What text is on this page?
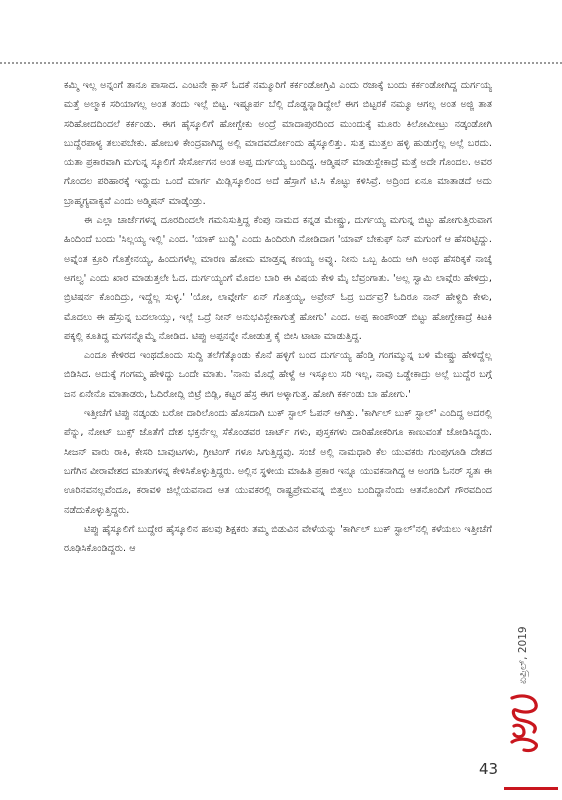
ಕಮ್ಮಿ ಇಲ್ಲ ಅನ್ನಂಗೆ ತಾನೂ ಪಾಸಾದ. ಎಂಟನೇ ಕ್ಲಾಸ್ ಓದಕೆ ನಮ್ಮೂರಿಗೆ ಕರ್ಕಂಡೋಗ್ತಿವಿ ಎಂದು ರಜಾಕ್ಕೆ ಬಂದು ಕರ್ಕಂಡೋಗಿದ್ದ ದುರ್ಗಯ್ಯ ಮತ್ತೆ ಅಲ್ಮಾಕ ಸರಿಯಾಗಲ್ಲ ಅಂತ ತಂದು ಇಲ್ಲೆ ಬಿಟ್ಟ. ಇಷ್ಟೂರ್ಪ ಬೆಲ್ಲಿ ದೊಡ್ಡನ್ನಾಡಿದ್ದೇಲೆ ಈಗ ಬಿಟ್ಟರಕೆ ನಮ್ಮೂ ಆಗಲ್ಲ ಅಂತ ಅಜ್ಜಿ ತಾತ ಸರಿಹೋದದಿಂದಲೆ ಕರ್ಕಂಡು. ಈಗ ಹೈಸ್ಕೂಲಿಗೆ ಹೋಗ್ಬೇಕು ಅಂದ್ರೆ ಮಾದಾಪುರದಿಂದ ಮುಂದುಕ್ಕೆ ಮೂರು ಕಿಲೋಮೀಟ್ರು ನಡ್ಕಂಡೋಗಿ ಬುದ್ದೆರಪಾಳ್ಯ ತಲುಪಬೇಕು. ಹೋಬಳಿ ಕೇಂದ್ರವಾಗಿದ್ದ ಅಲ್ಲಿ ಮಾದವರ್ದೋಂದು ಹೈಸ್ಕೂಲಿತ್ತು. ಸುತ್ತ ಮುತ್ತಲ ಹಳ್ಳಿ ಹುಡುಗ್ರೆಲ್ಲ ಅಲ್ಲೆ ಬರದು. ಯತಾ ಪ್ರಕಾರವಾಗಿ ಮಗುನ್ನ ಸ್ಕೂಲಿಗೆ ಸೇರ್ಸೋಗನ ಅಂತ ಅಪ್ಪ ದುರ್ಗಯ್ಯ ಬಂದಿದ್ದ. ಆಡ್ಮಿಷನ್ ಮಾಡುಸ್ಬೇಕಾದ್ರೆ ಮತ್ತೆ ಅದೇ ಗೊಂದಲ. ಅವರ ಗೊಂದಲ ಪರಿಹಾರಕ್ಕೆ ಇದ್ದುದು ಒಂದೆ ಮಾರ್ಗ ಮಿಡ್ಲಿಸ್ಕೂಲಿಂದ ಅದೆ ಹೆಸ್ರಾಗೆ ಟಿ.ಸಿ ಕೊಟ್ಟು ಕಳಿಸಿವ್ರೆ. ಅದ್ರಿಂದ ಏನೂ ಮಾತಾಡದೆ ಅದು ಬ್ರಾಹ್ಮಗ್ಯವಾಕ್ಯವೆ ಎಂದು ಅಡ್ಮಿಷನ್ ಮಾಡ್ಕೆಂಡ್ರು.

ಈ ಎಲ್ಲಾ ಚಾರ್ಜೆಗಳನ್ನ ದೂರದಿಂದಲೇ ಗಮನಿಸುತ್ತಿದ್ದ ಕೆಂಪು ನಾಮದ ಕನ್ನಡ ಮೇಷ್ಟ್ರು, ದುರ್ಗಯ್ಯ ಮಗುನ್ನ ಬಿಟ್ಟು ಹೋಗುತ್ತಿರುವಾಗ ಹಿಂದಿಂದೆ ಬಂದು 'ಸಿಲ್ಲಯ್ಯ ಇಲ್ಲಿ' ಎಂದ. 'ಯಾಕ್ ಬುದ್ದಿ' ಎಂದು ಹಿಂದಿರುಗಿ ನೋಡಿದಾಗ 'ಯಾವ್ ಬೇಕುಫ್ ನಿನ್ ಮಗುಂಗೆ ಆ ಹೆಸರಿಟ್ಟಿದ್ದು. ಅವ್ನೆಂತ ಕ್ರೂರಿ ಗೊತ್ತೇನಯ್ಯ, ಹಿಂದುಗಳೆಲ್ಲ ಮಾರಣ ಹೋಮ ಮಾಡ್ತವ್ನ ಕಣಯ್ಯ ಅವ್ನು. ನೀನು ಒಬ್ಬ ಹಿಂದು ಆಗಿ ಅಂಥ ಹೆಸರಿಕ್ಕಕೆ ನಾಚ್ಕೆ ಆಗಲ್ವ' ಎಂದು ಖಾರ ಮಾಡುತ್ತಲೇ ಓದ. ದುರ್ಗಯ್ಯಂಗೆ ಮೊದಲ ಬಾರಿ ಈ ವಿಷಯ ಕೇಳಿ ಮೈ ಬೆವ್ರಂಗಾತು. 'ಅಲ್ಲ ಸ್ವಾಮಿ ಲಾವ್ಗೆರು ಹೇಳಿದ್ರು, ಬ್ರಿಟಿಷರ್ನ ಕೊಂದಿದ್ರು, ಇದ್ದೆಲ್ಲ ಸುಳ್ಳ.' 'ಯೋ, ಲಾವ್ಗೇರ್ಗೆ ಏನ್ ಗೊತ್ತಯ್ಯ, ಅವ್ರೇನ್ ಓದ್ರ ಬರ್ದವ್ರ? ಓದಿರೂ ನಾನ್ ಹೇಳ್ದಿದಿ ಕೇಳು, ಮೊದಲು ಈ ಹೆಸ್ರುನ್ನ ಬದಲಾಯ್ಸು, ಇಲ್ಲೆ ಒದ್ರೆ ನೀನ್ ಅನುಭವಿಸ್ಬೇಕಾಗುತ್ತೆ ಹೋಗು' ಎಂದ. ಅಪ್ಪ ಕಾಂಪೌಂಡ್ ಬಿಟ್ಟು ಹೋಗ್ಬೇಕಾದ್ರೆ ಕಿಟಕಿ ಪಕ್ಕಲ್ಲಿ ಕೂತಿದ್ದ ಮಗನನ್ನೊಮ್ಮೆ ನೋಡಿದ. ಟಿಪ್ಪು ಅಪ್ಪನನ್ನೇ ನೋಡುತ್ತ ಕೈ ಬೀಸಿ ಟಾಟಾ ಮಾಡುತ್ತಿದ್ದ.

ಎಂದೂ ಕೇಳಿರದ ಇಂಥದೊಂದು ಸುದ್ದಿ ತಲೆಗೆತ್ಕೊಂಡು ಕೊನೆ ಹಳ್ಳಿಗೆ ಬಂದ ದುರ್ಗಯ್ಯ ಹೆಂಡ್ತಿ ಗಂಗಮ್ಮುನ್ನ ಬಳಿ ಮೇಷ್ಟ್ರು ಹೇಳಿದ್ದೆಲ್ಲ ಬಿಡಿಸಿದ. ಅದುಕ್ಕೆ ಗಂಗಮ್ಮ ಹೇಳಿದ್ದು ಒಂದೇ ಮಾತು. 'ನಾನು ಮೊದ್ಲೆ ಹೇಳ್ದೆ ಆ ಇಸ್ಕೂಲು ಸರಿ ಇಲ್ಲ, ನಾವು ಒಡ್ಡೇಕಾದ್ರು ಅಲ್ಲೆ ಬುದ್ದೆರ ಬಗ್ಗೆ ಜನ ಏನೇನೊ ಮಾತಾಡರು, ಓದಿರೋದ್ಲಿ ಬಿಟ್ರೆ ಬಿಡ್ಲಿ, ಕಟ್ಟರ ಹೆಸ್ರ ಈಗ ಅಳ್ಕಾಗುತ್ತ. ಹೋಗಿ ಕರ್ಕಂಡು ಬಾ ಹೋಗು.'

ಇತ್ತೀಚೆಗೆ ಟಿಪ್ಪು ನಡ್ಕಂಡು ಬರೋ ದಾರಿಲೊಂದು ಹೊಸದಾಗಿ ಬುಕ್ ಸ್ಟಾಲ್ ಓಪನ್ ಆಗಿತ್ತು. 'ಕಾರ್ಗಿಲ್ ಬುಕ್ ಸ್ಟಾಲ್' ಎಂದಿದ್ದ ಅದರಲ್ಲಿ ಪೆನ್ನು, ನೋಟ್ ಬುಕ್ಸ್ ಜೊತೆಗೆ ದೇಶ ಭಕ್ತರ್ನೆಲ್ಲ ಸೆಕೊಂಡವರ ಚಾರ್ಟ್ ಗಳು, ಪುಸ್ತಕಗಳು ದಾರಿಹೋಕರಿಗೂ ಕಾಣುವಂತೆ ಜೋಡಿಸಿದ್ದರು. ಸೀಜನ್ ವಾರು ರಾಕಿ, ಕೇಸರಿ ಬಾವುಟಗಳು, ಗ್ರೀಟಿಂಗ್ ಗಳೂ ಸಿಗುತ್ತಿದ್ದವು. ಸಂಜೆ ಅಲ್ಲಿ ನಾಮಧಾರಿ ಕೆಲ ಯುವಕರು ಗುಂಪುಗೂಡಿ ದೇಶದ ಬಗೆಗಿನ ವೀರಾವೇಶದ ಮಾತುಗಳನ್ನ ಕೇಳಿಸಿಕೊಳ್ಳುತ್ತಿದ್ದರು. ಅಲ್ಲಿನ ಸ್ಥಳೀಯ ಮಾಹಿತಿ ಪ್ರಕಾರ ಇನ್ನೂ ಯುವಕನಾಗಿದ್ದ ಆ ಅಂಗಡಿ ಓನರ್ ಸ್ವತಃ ಈ ಊರಿನವನಲ್ಲವೆಂದೂ, ಕರಾವಳಿ ಜಿಲ್ಲೆಯವನಾದ ಆತ ಯುವಕರಲ್ಲಿ ರಾಷ್ಟ್ರಪ್ರೇಮವನ್ನ ಬಿತ್ತಲು ಬಂದಿದ್ದಾನೆಂದು ಆತನೊಂದಿಗೆ ಗೌರವದಿಂದ ನಡೆದುಕೊಳ್ಳುತ್ತಿದ್ದರು.

ಟಿಪ್ಪು ಹೈಸ್ಕೂಲಿಗೆ ಬುದ್ದೇರ ಹೈಸ್ಕೂಲಿನ ಹಲವು ಶಿಕ್ಷಕರು ತಮ್ಮ ಬಿಡುವಿನ ವೇಳೆಯನ್ನು 'ಕಾರ್ಗಿಲ್ ಬುಕ್ ಸ್ಟಾಲ್'ನಲ್ಲಿ ಕಳೆಯಲು ಇತ್ತೀಚೆಗೆ ರೂಢಿಸಿಕೊಂಡಿದ್ದರು. ಆ

ಏಪ್ರಿಲ್, 2019
43
